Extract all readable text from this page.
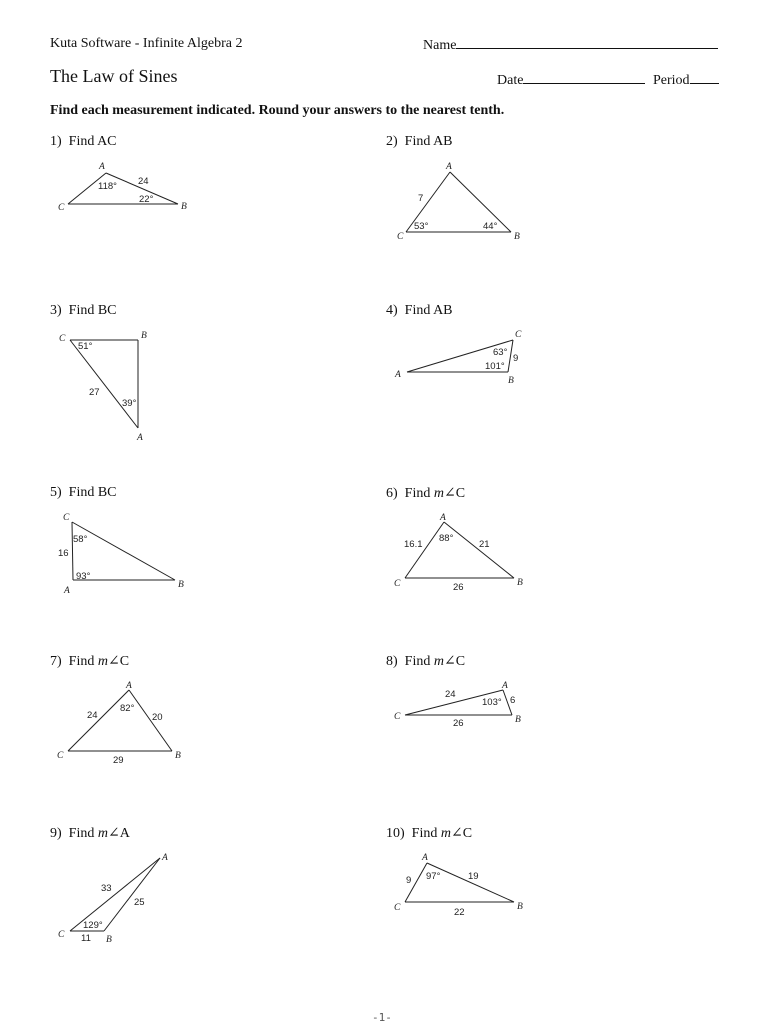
Kuta Software - Infinite Algebra 2	Name
The Law of Sines	Date	Period
Find each measurement indicated. Round your answers to the nearest tenth.
1) Find AC	2) Find AB
3) Find BC	4) Find AB
5) Find BC	6) Find m∠C
7) Find m∠C	8) Find m∠C
9) Find m∠A	10) Find m∠C
A
B
C
118° 24
22°
A
B
C
7
53°	44°
C	B
A
51°
27
39°
C
A
B
63°
9
101°
C
A
B
58°
16
93°
A
B
C
16.1
88°
21
26
A
B
C
24
82°
20
29
A
B
C
24
103° 6
26
A
B
C
33
25
129°
11
A
B
C
9 97°	19
22
-1-
